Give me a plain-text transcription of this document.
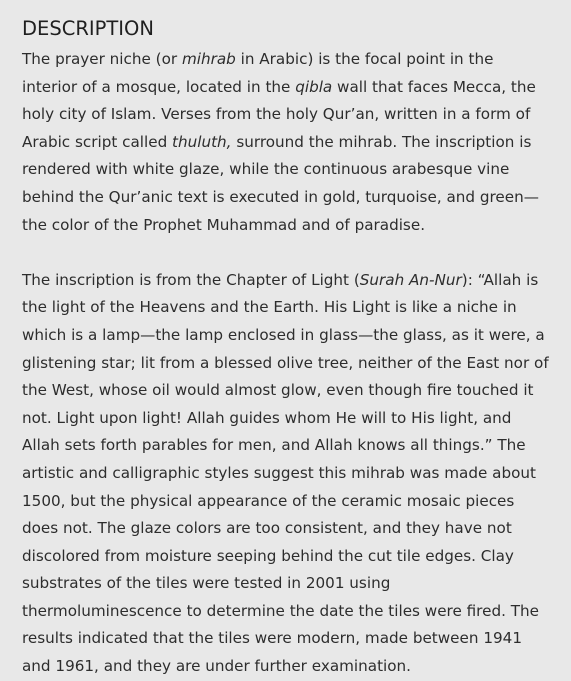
DESCRIPTION

The prayer niche (or mihrab in Arabic) is the focal point in the interior of a mosque, located in the qibla wall that faces Mecca, the holy city of Islam. Verses from the holy Qur’an, written in a form of Arabic script called thuluth, surround the mihrab. The inscription is rendered with white glaze, while the continuous arabesque vine behind the Qur’anic text is executed in gold, turquoise, and green—the color of the Prophet Muhammad and of paradise.

The inscription is from the Chapter of Light (Surah An-Nur): “Allah is the light of the Heavens and the Earth. His Light is like a niche in which is a lamp—the lamp enclosed in glass—the glass, as it were, a glistening star; lit from a blessed olive tree, neither of the East nor of the West, whose oil would almost glow, even though fire touched it not. Light upon light! Allah guides whom He will to His light, and Allah sets forth parables for men, and Allah knows all things.” The artistic and calligraphic styles suggest this mihrab was made about 1500, but the physical appearance of the ceramic mosaic pieces does not. The glaze colors are too consistent, and they have not discolored from moisture seeping behind the cut tile edges. Clay substrates of the tiles were tested in 2001 using thermoluminescence to determine the date the tiles were fired. The results indicated that the tiles were modern, made between 1941 and 1961, and they are under further examination.
